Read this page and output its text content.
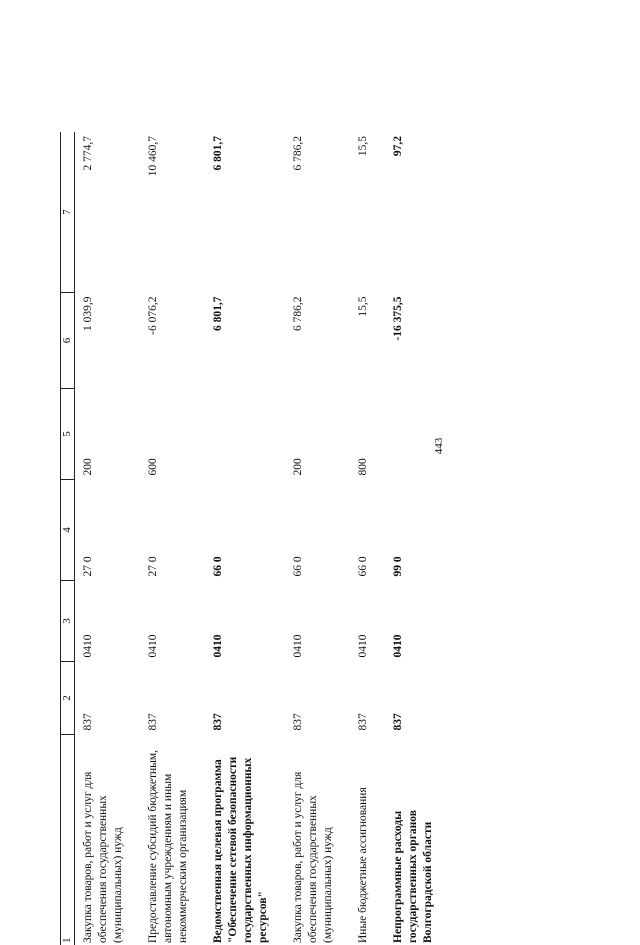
443
1	2	3	4	5	6	7
Закупка товаров, работ и услуг для обеспечения государственных (муниципальных) нужд	837	0410	27 0	200	1 039,9	2 774,7
Предоставление субсидий бюджетным, автономным учреждениям и иным некоммерческим организациям	837	0410	27 0	600	-6 076,2	10 460,7
Ведомственная целевая программа "Обеспечение сетевой безопасности государственных информационных ресурсов"	837	0410	66 0		6 801,7	6 801,7
Закупка товаров, работ и услуг для обеспечения государственных (муниципальных) нужд	837	0410	66 0	200	6 786,2	6 786,2
Иные бюджетные ассигнования	837	0410	66 0	800	15,5	15,5
Непрограммные расходы государственных органов Волгоградской области	837	0410	99 0		-16 375,5	97,2
